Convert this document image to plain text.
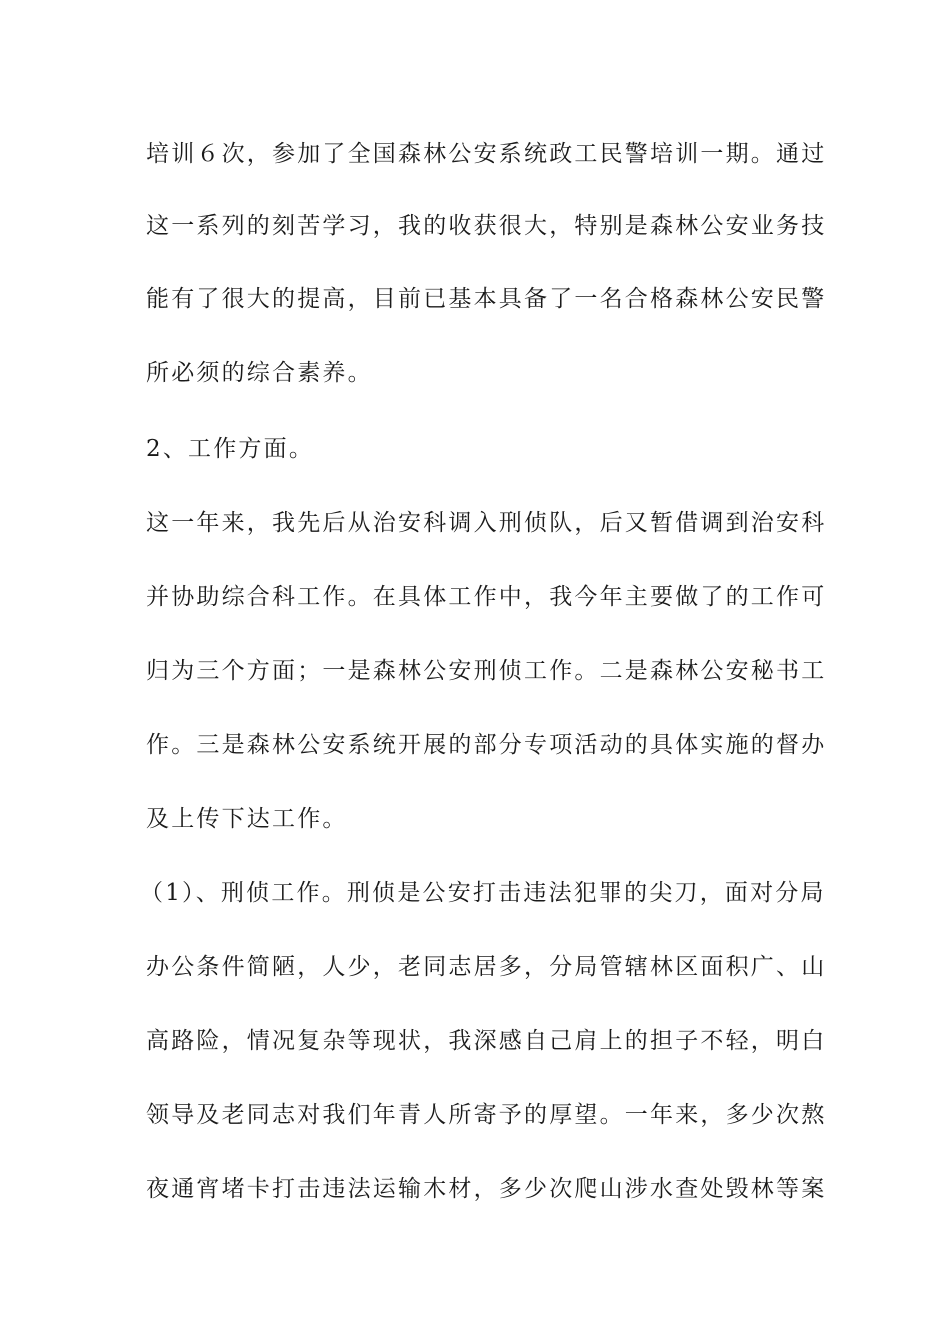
培训６次，参加了全国森林公安系统政工民警培训一期。通过
这一系列的刻苦学习，我的收获很大，特别是森林公安业务技
能有了很大的提高，目前已基本具备了一名合格森林公安民警
所必须的综合素养。
2、工作方面。
这一年来，我先后从治安科调入刑侦队，后又暂借调到治安科
并协助综合科工作。在具体工作中，我今年主要做了的工作可
归为三个方面；一是森林公安刑侦工作。二是森林公安秘书工
作。三是森林公安系统开展的部分专项活动的具体实施的督办
及上传下达工作。
（1）、刑侦工作。刑侦是公安打击违法犯罪的尖刀，面对分局
办公条件简陋，人少，老同志居多，分局管辖林区面积广、山
高路险，情况复杂等现状，我深感自己肩上的担子不轻，明白
领导及老同志对我们年青人所寄予的厚望。一年来，多少次熬
夜通宵堵卡打击违法运输木材，多少次爬山涉水查处毁林等案
